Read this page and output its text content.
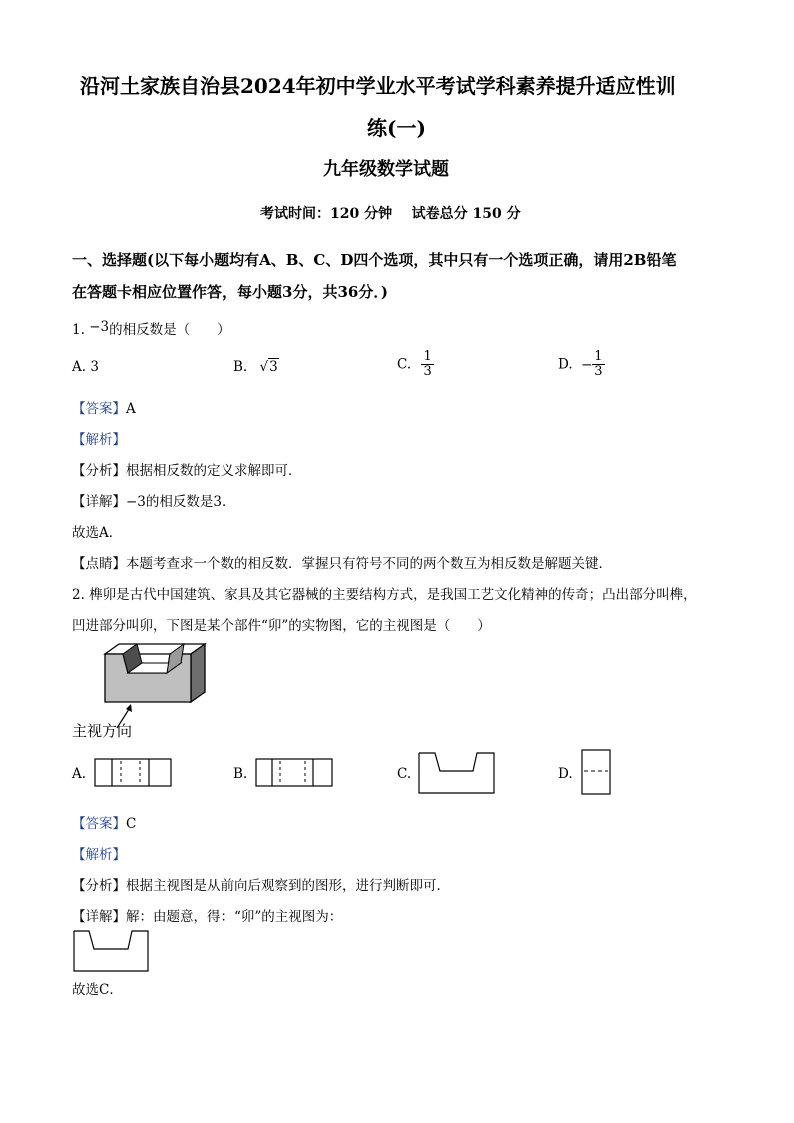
沿河土家族自治县2024年初中学业水平考试学科素养提升适应性训
练(一)
九年级数学试题
考试时间：120 分钟    试卷总分 150 分
一、选择题(以下每小题均有A、B、C、D四个选项，其中只有一个选项正确，请用2B铅笔
在答题卡相应位置作答，每小题3分，共36分．)
1. −3的相反数是（　　）
A. 3	B. √3	C. $\frac{1}{3}$	D. − $\frac{1}{3}$
【答案】A
【解析】
【分析】根据相反数的定义求解即可．
【详解】−3的相反数是3．
故选A．
【点睛】本题考查求一个数的相反数．掌握只有符号不同的两个数互为相反数是解题关键．
2. 榫卯是古代中国建筑、家具及其它器械的主要结构方式，是我国工艺文化精神的传奇；凸出部分叫榫，
凹进部分叫卯，下图是某个部件“卯”的实物图，它的主视图是（　　）
主视方向
A.	B.	C.	D.
【答案】C
【解析】
【分析】根据主视图是从前向后观察到的图形，进行判断即可．
【详解】解：由题意，得：“卯”的主视图为：
故选C．
